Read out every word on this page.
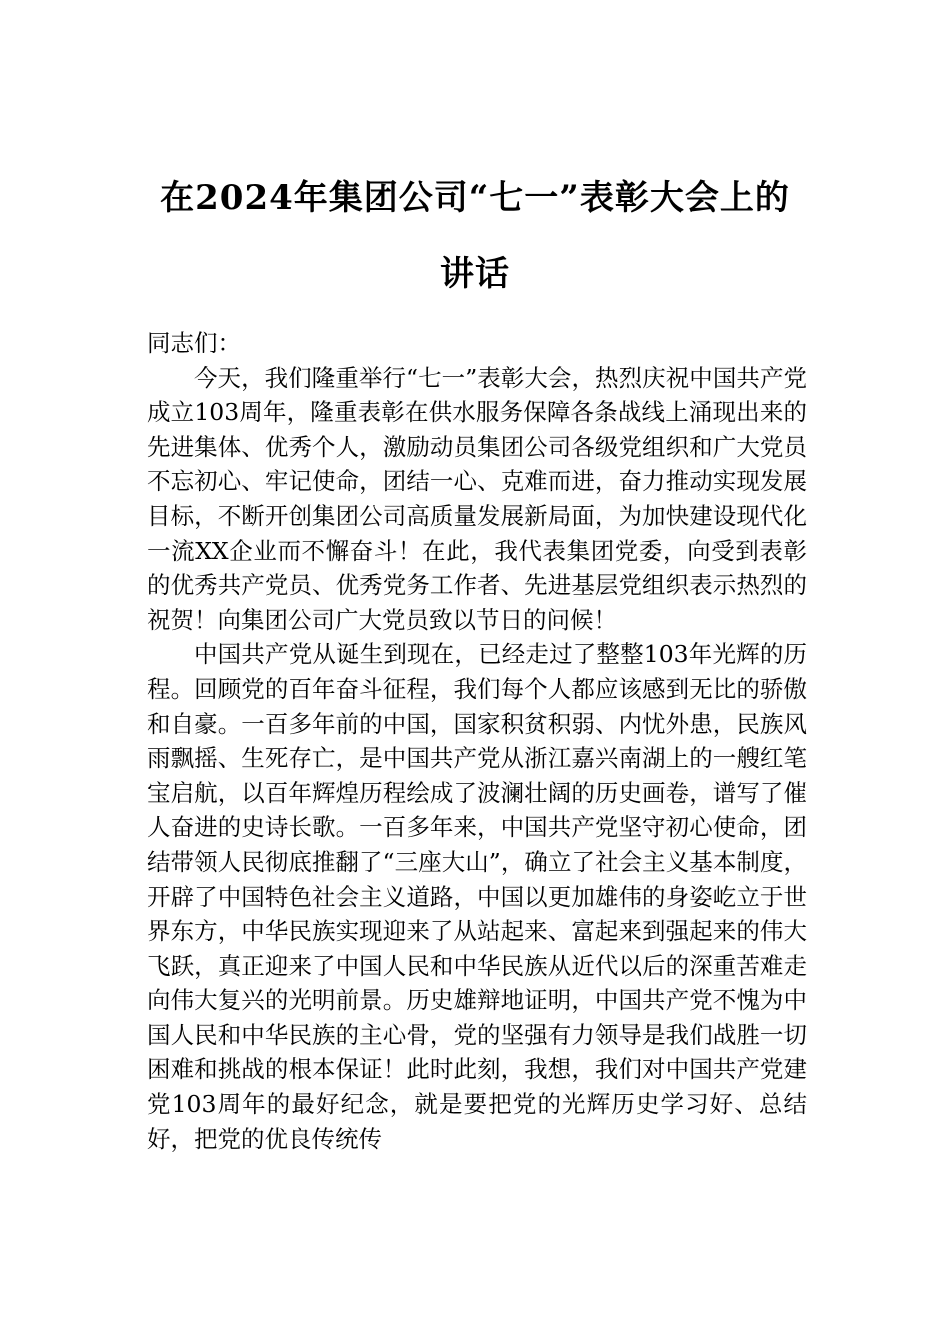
在2024年集团公司“七一”表彰大会上的
讲话

同志们：

今天，我们隆重举行“七一”表彰大会，热烈庆祝中国共产党成立103周年，隆重表彰在供水服务保障各条战线上涌现出来的先进集体、优秀个人，激励动员集团公司各级党组织和广大党员不忘初心、牢记使命，团结一心、克难而进，奋力推动实现发展目标，不断开创集团公司高质量发展新局面，为加快建设现代化一流XX企业而不懈奋斗！在此，我代表集团党委，向受到表彰的优秀共产党员、优秀党务工作者、先进基层党组织表示热烈的祝贺！向集团公司广大党员致以节日的问候！

中国共产党从诞生到现在，已经走过了整整103年光辉的历程。回顾党的百年奋斗征程，我们每个人都应该感到无比的骄傲和自豪。一百多年前的中国，国家积贫积弱、内忧外患，民族风雨飘摇、生死存亡，是中国共产党从浙江嘉兴南湖上的一艘红笔宝启航，以百年辉煌历程绘成了波澜壮阔的历史画卷，谱写了催人奋进的史诗长歌。一百多年来，中国共产党坚守初心使命，团结带领人民彻底推翻了“三座大山”，确立了社会主义基本制度，开辟了中国特色社会主义道路，中国以更加雄伟的身姿屹立于世界东方，中华民族实现迎来了从站起来、富起来到强起来的伟大飞跃，真正迎来了中国人民和中华民族从近代以后的深重苦难走向伟大复兴的光明前景。历史雄辩地证明，中国共产党不愧为中国人民和中华民族的主心骨，党的坚强有力领导是我们战胜一切困难和挑战的根本保证！此时此刻，我想，我们对中国共产党建党103周年的最好纪念，就是要把党的光辉历史学习好、总结好，把党的优良传统传
